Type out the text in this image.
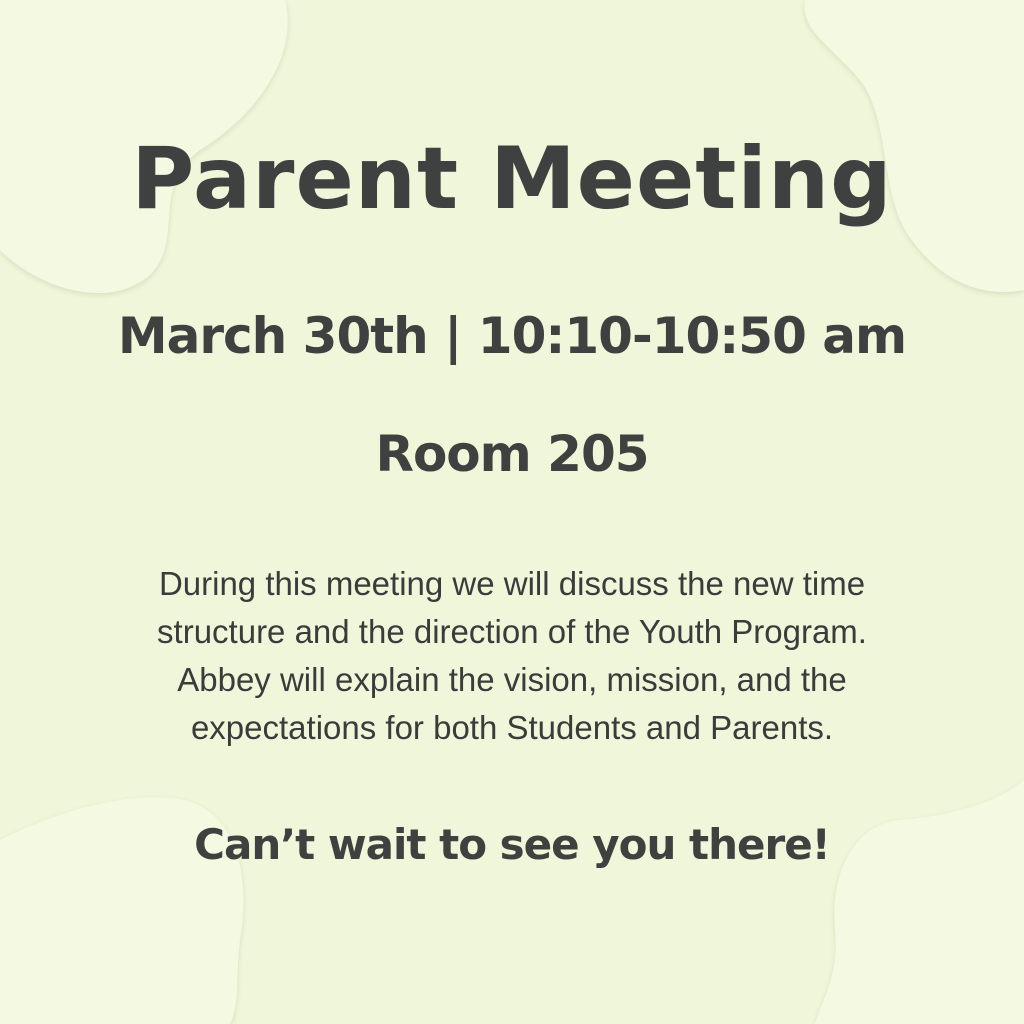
Parent Meeting
March 30th | 10:10-10:50 am
Room 205
During this meeting we will discuss the new time
structure and the direction of the Youth Program.
Abbey will explain the vision, mission, and the
expectations for both Students and Parents.
Can’t wait to see you there!
